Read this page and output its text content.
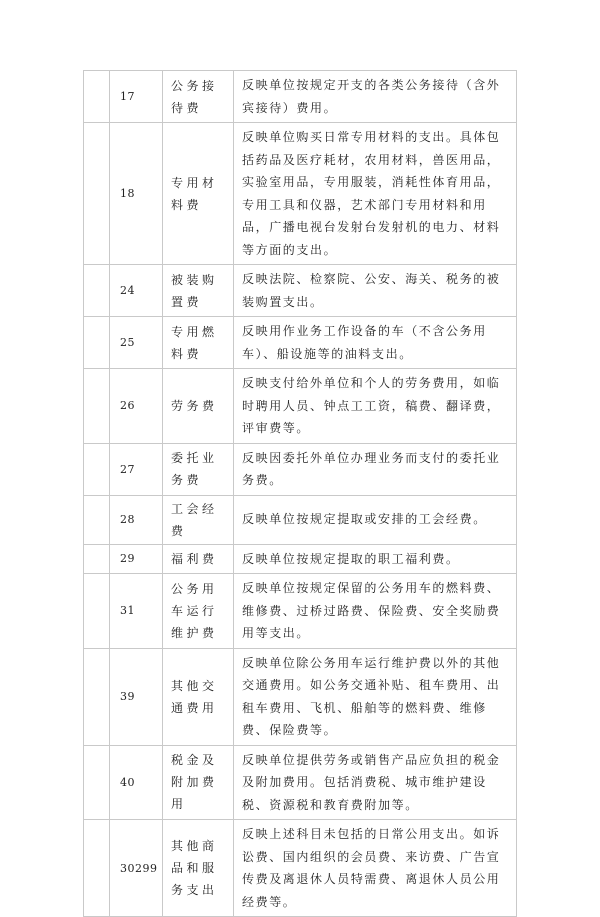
	17	公务接待费	反映单位按规定开支的各类公务接待（含外宾接待）费用。
	18	专用材料费	反映单位购买日常专用材料的支出。具体包括药品及医疗耗材，农用材料，兽医用品，实验室用品，专用服装，消耗性体育用品，专用工具和仪器，艺术部门专用材料和用品，广播电视台发射台发射机的电力、材料等方面的支出。
	24	被装购置费	反映法院、检察院、公安、海关、税务的被装购置支出。
	25	专用燃料费	反映用作业务工作设备的车（不含公务用车）、船设施等的油料支出。
	26	劳务费	反映支付给外单位和个人的劳务费用，如临时聘用人员、钟点工工资，稿费、翻译费，评审费等。
	27	委托业务费	反映因委托外单位办理业务而支付的委托业务费。
	28	工会经费	反映单位按规定提取或安排的工会经费。
	29	福利费	反映单位按规定提取的职工福利费。
	31	公务用车运行维护费	反映单位按规定保留的公务用车的燃料费、维修费、过桥过路费、保险费、安全奖励费用等支出。
	39	其他交通费用	反映单位除公务用车运行维护费以外的其他交通费用。如公务交通补贴、租车费用、出租车费用、飞机、船舶等的燃料费、维修费、保险费等。
	40	税金及附加费用	反映单位提供劳务或销售产品应负担的税金及附加费用。包括消费税、城市维护建设税、资源税和教育费附加等。
	30299	其他商品和服务支出	反映上述科目未包括的日常公用支出。如诉讼费、国内组织的会员费、来访费、广告宣传费及离退休人员特需费、离退休人员公用经费等。
